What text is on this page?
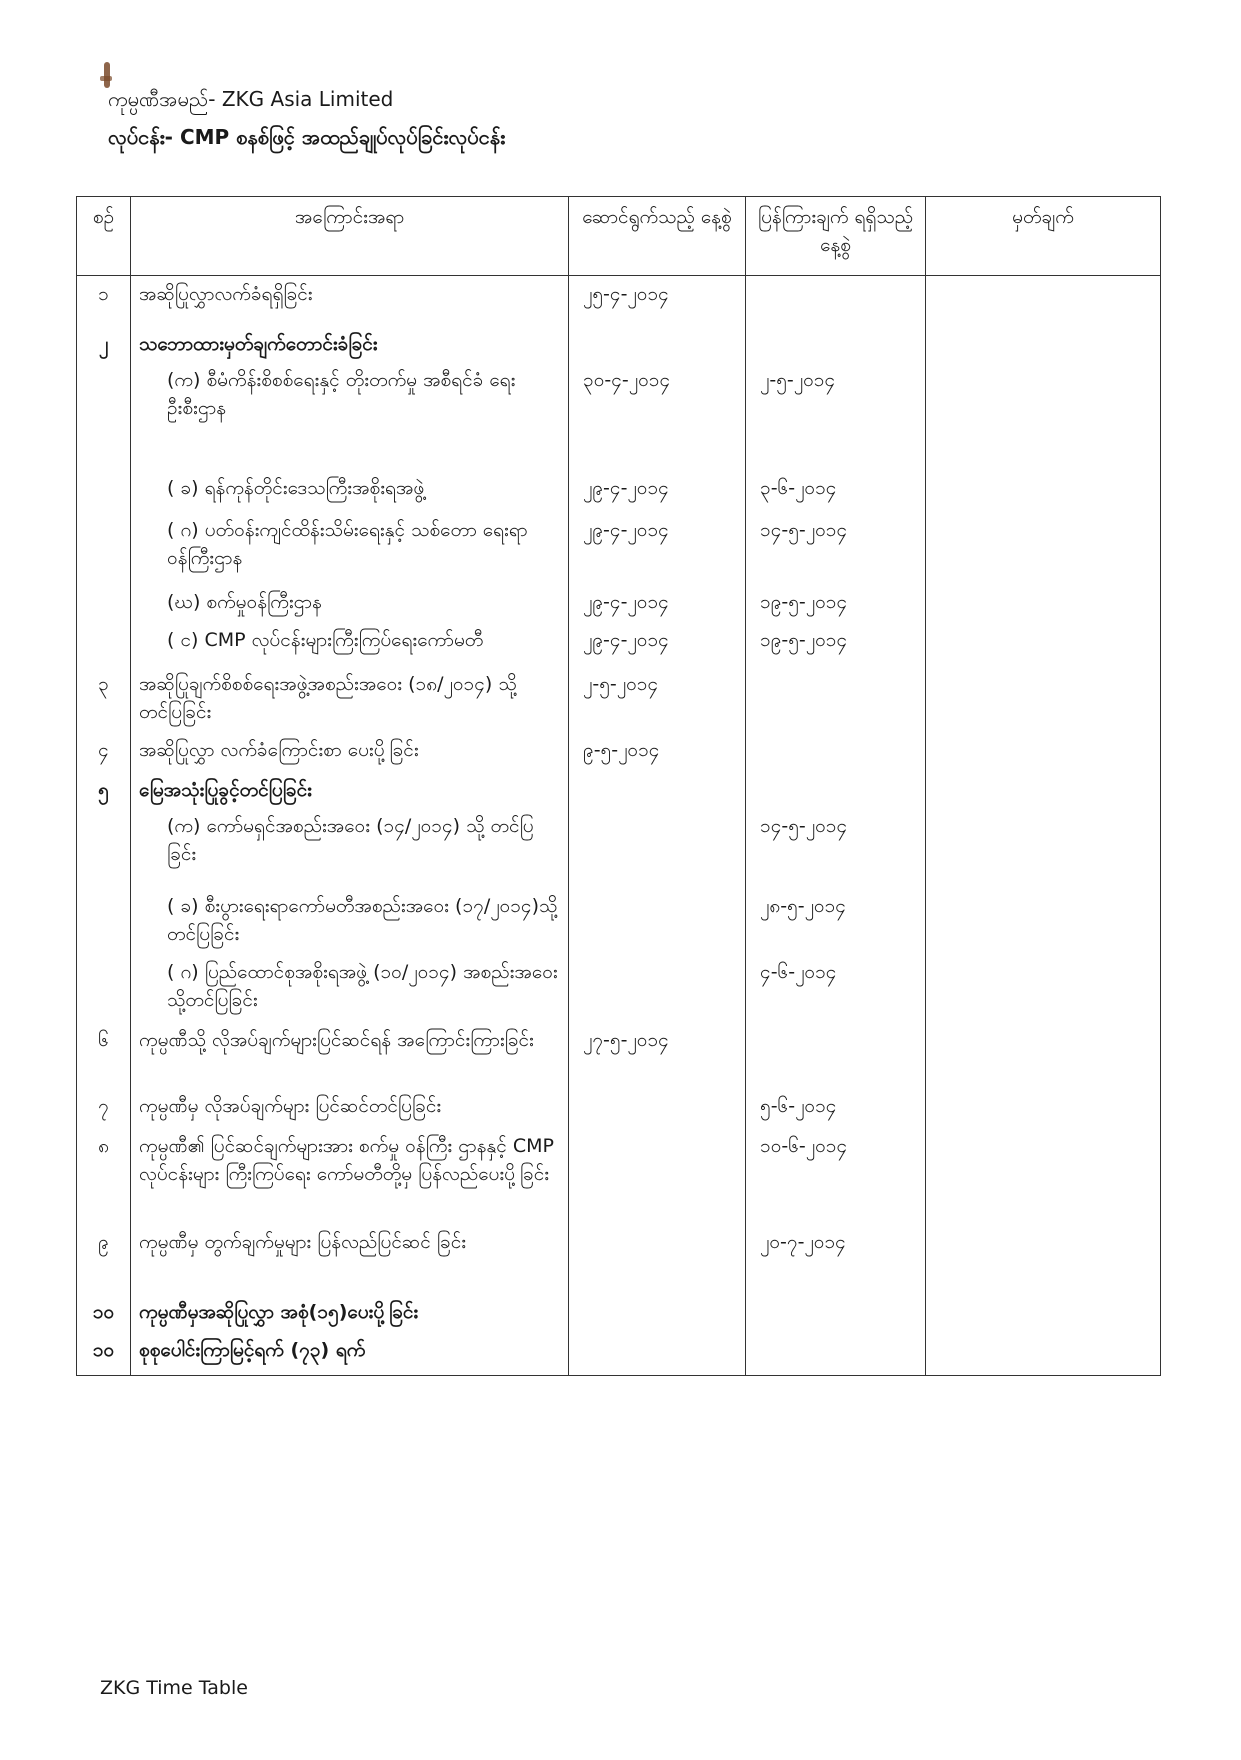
ကုမ္ပဏီအမည်- ZKG Asia Limited
လုပ်ငန်း- CMP စနစ်ဖြင့် အထည်ချုပ်လုပ်ခြင်းလုပ်ငန်း
စဥ်	အကြောင်းအရာ	ဆောင်ရွက်သည့် နေ့စွဲ	ပြန်ကြားချက် ရရှိသည့် နေ့စွဲ	မှတ်ချက်
၁	အဆိုပြုလွှာလက်ခံရရှိခြင်း	၂၅-၄-၂၀၁၄		
၂	သဘောထားမှတ်ချက်တောင်းခံခြင်း			
	(က) စီမံကိန်းစိစစ်ရေးနှင့် တိုးတက်မှု အစီရင်ခံ ရေးဦးစီးဌာန	၃၀-၄-၂၀၁၄	၂-၅-၂၀၁၄	
	( ခ) ရန်ကုန်တိုင်းဒေသကြီးအစိုးရအဖွဲ့	၂၉-၄-၂၀၁၄	၃-၆-၂၀၁၄	
	( ဂ) ပတ်ဝန်းကျင်ထိန်းသိမ်းရေးနှင့် သစ်တော ရေးရာဝန်ကြီးဌာန	၂၉-၄-၂၀၁၄	၁၄-၅-၂၀၁၄	
	(ဃ) စက်မှုဝန်ကြီးဌာန	၂၉-၄-၂၀၁၄	၁၉-၅-၂၀၁၄	
	( င) CMP လုပ်ငန်းများကြီးကြပ်ရေးကော်မတီ	၂၉-၄-၂၀၁၄	၁၉-၅-၂၀၁၄	
၃	အဆိုပြုချက်စိစစ်ရေးအဖွဲ့အစည်းအဝေး (၁၈/၂၀၁၄) သို့ တင်ပြခြင်း	၂-၅-၂၀၁၄		
၄	အဆိုပြုလွှာ လက်ခံကြောင်းစာ ပေးပို့ခြင်း	၉-၅-၂၀၁၄		
၅	မြေအသုံးပြုခွင့်တင်ပြခြင်း			
	(က) ကော်မရှင်အစည်းအဝေး (၁၄/၂၀၁၄) သို့ တင်ပြခြင်း		၁၄-၅-၂၀၁၄	
	( ခ) စီးပွားရေးရာကော်မတီအစည်းအဝေး (၁၇/၂၀၁၄)သို့ တင်ပြခြင်း		၂၈-၅-၂၀၁၄	
	( ဂ) ပြည်ထောင်စုအစိုးရအဖွဲ့ (၁၀/၂၀၁၄) အစည်းအဝေးသို့တင်ပြခြင်း		၄-၆-၂၀၁၄	
၆	ကုမ္ပဏီသို့ လိုအပ်ချက်များပြင်ဆင်ရန် အကြောင်းကြားခြင်း	၂၇-၅-၂၀၁၄		
၇	ကုမ္ပဏီမှ လိုအပ်ချက်များ ပြင်ဆင်တင်ပြခြင်း		၅-၆-၂၀၁၄	
၈	ကုမ္ပဏီ၏ ပြင်ဆင်ချက်များအား စက်မှု ဝန်ကြီး ဌာနနှင့် CMP လုပ်ငန်းများ ကြီးကြပ်ရေး ကော်မတီတို့မှ ပြန်လည်ပေးပို့ခြင်း		၁၀-၆-၂၀၁၄	
၉	ကုမ္ပဏီမှ တွက်ချက်မှုများ ပြန်လည်ပြင်ဆင် ခြင်း		၂၀-၇-၂၀၁၄	
၁၀	ကုမ္ပဏီမှအဆိုပြုလွှာ အစုံ(၁၅)ပေးပို့ခြင်း			
၁၀	စုစုပေါင်းကြာမြင့်ရက် (၇၃) ရက်			
ZKG Time Table
